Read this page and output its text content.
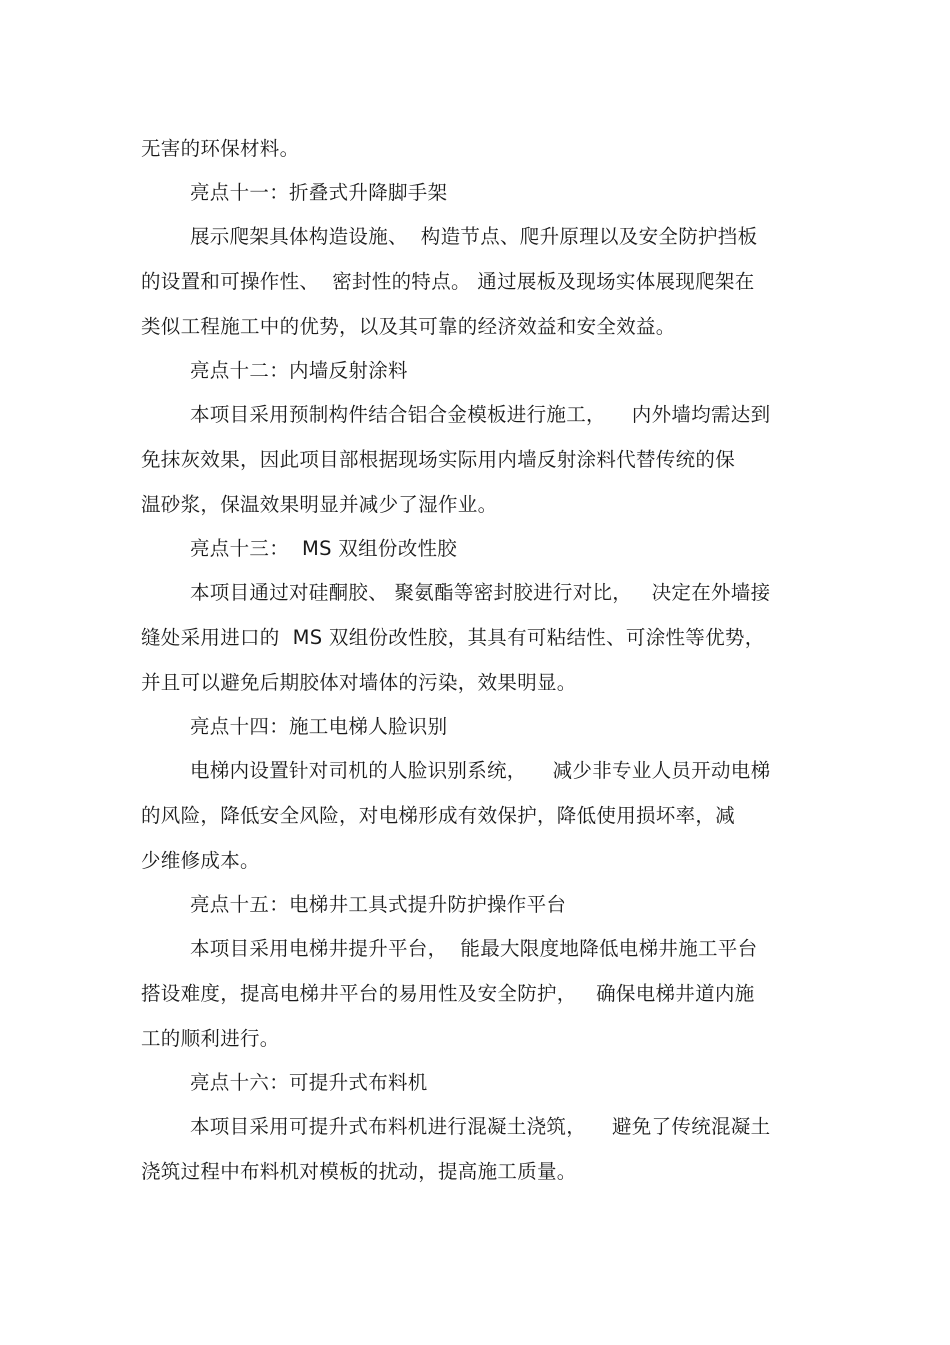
无害的环保材料。
亮点十一：折叠式升降脚手架
展示爬架具体构造设施、  构造节点、爬升原理以及安全防护挡板
的设置和可操作性、  密封性的特点。 通过展板及现场实体展现爬架在
类似工程施工中的优势，以及其可靠的经济效益和安全效益。
亮点十二：内墙反射涂料
本项目采用预制构件结合铝合金模板进行施工，    内外墙均需达到
免抹灰效果，因此项目部根据现场实际用内墙反射涂料代替传统的保
温砂浆，保温效果明显并减少了湿作业。
亮点十三：  MS 双组份改性胶
本项目通过对硅酮胶、 聚氨酯等密封胶进行对比，   决定在外墙接
缝处采用进口的  MS 双组份改性胶，其具有可粘结性、可涂性等优势，
并且可以避免后期胶体对墙体的污染，效果明显。
亮点十四：施工电梯人脸识别
电梯内设置针对司机的人脸识别系统，    减少非专业人员开动电梯
的风险，降低安全风险，对电梯形成有效保护，降低使用损坏率，减
少维修成本。
亮点十五：电梯井工具式提升防护操作平台
本项目采用电梯井提升平台，  能最大限度地降低电梯井施工平台
搭设难度，提高电梯井平台的易用性及安全防护，   确保电梯井道内施
工的顺利进行。
亮点十六：可提升式布料机
本项目采用可提升式布料机进行混凝土浇筑，    避免了传统混凝土
浇筑过程中布料机对模板的扰动，提高施工质量。
